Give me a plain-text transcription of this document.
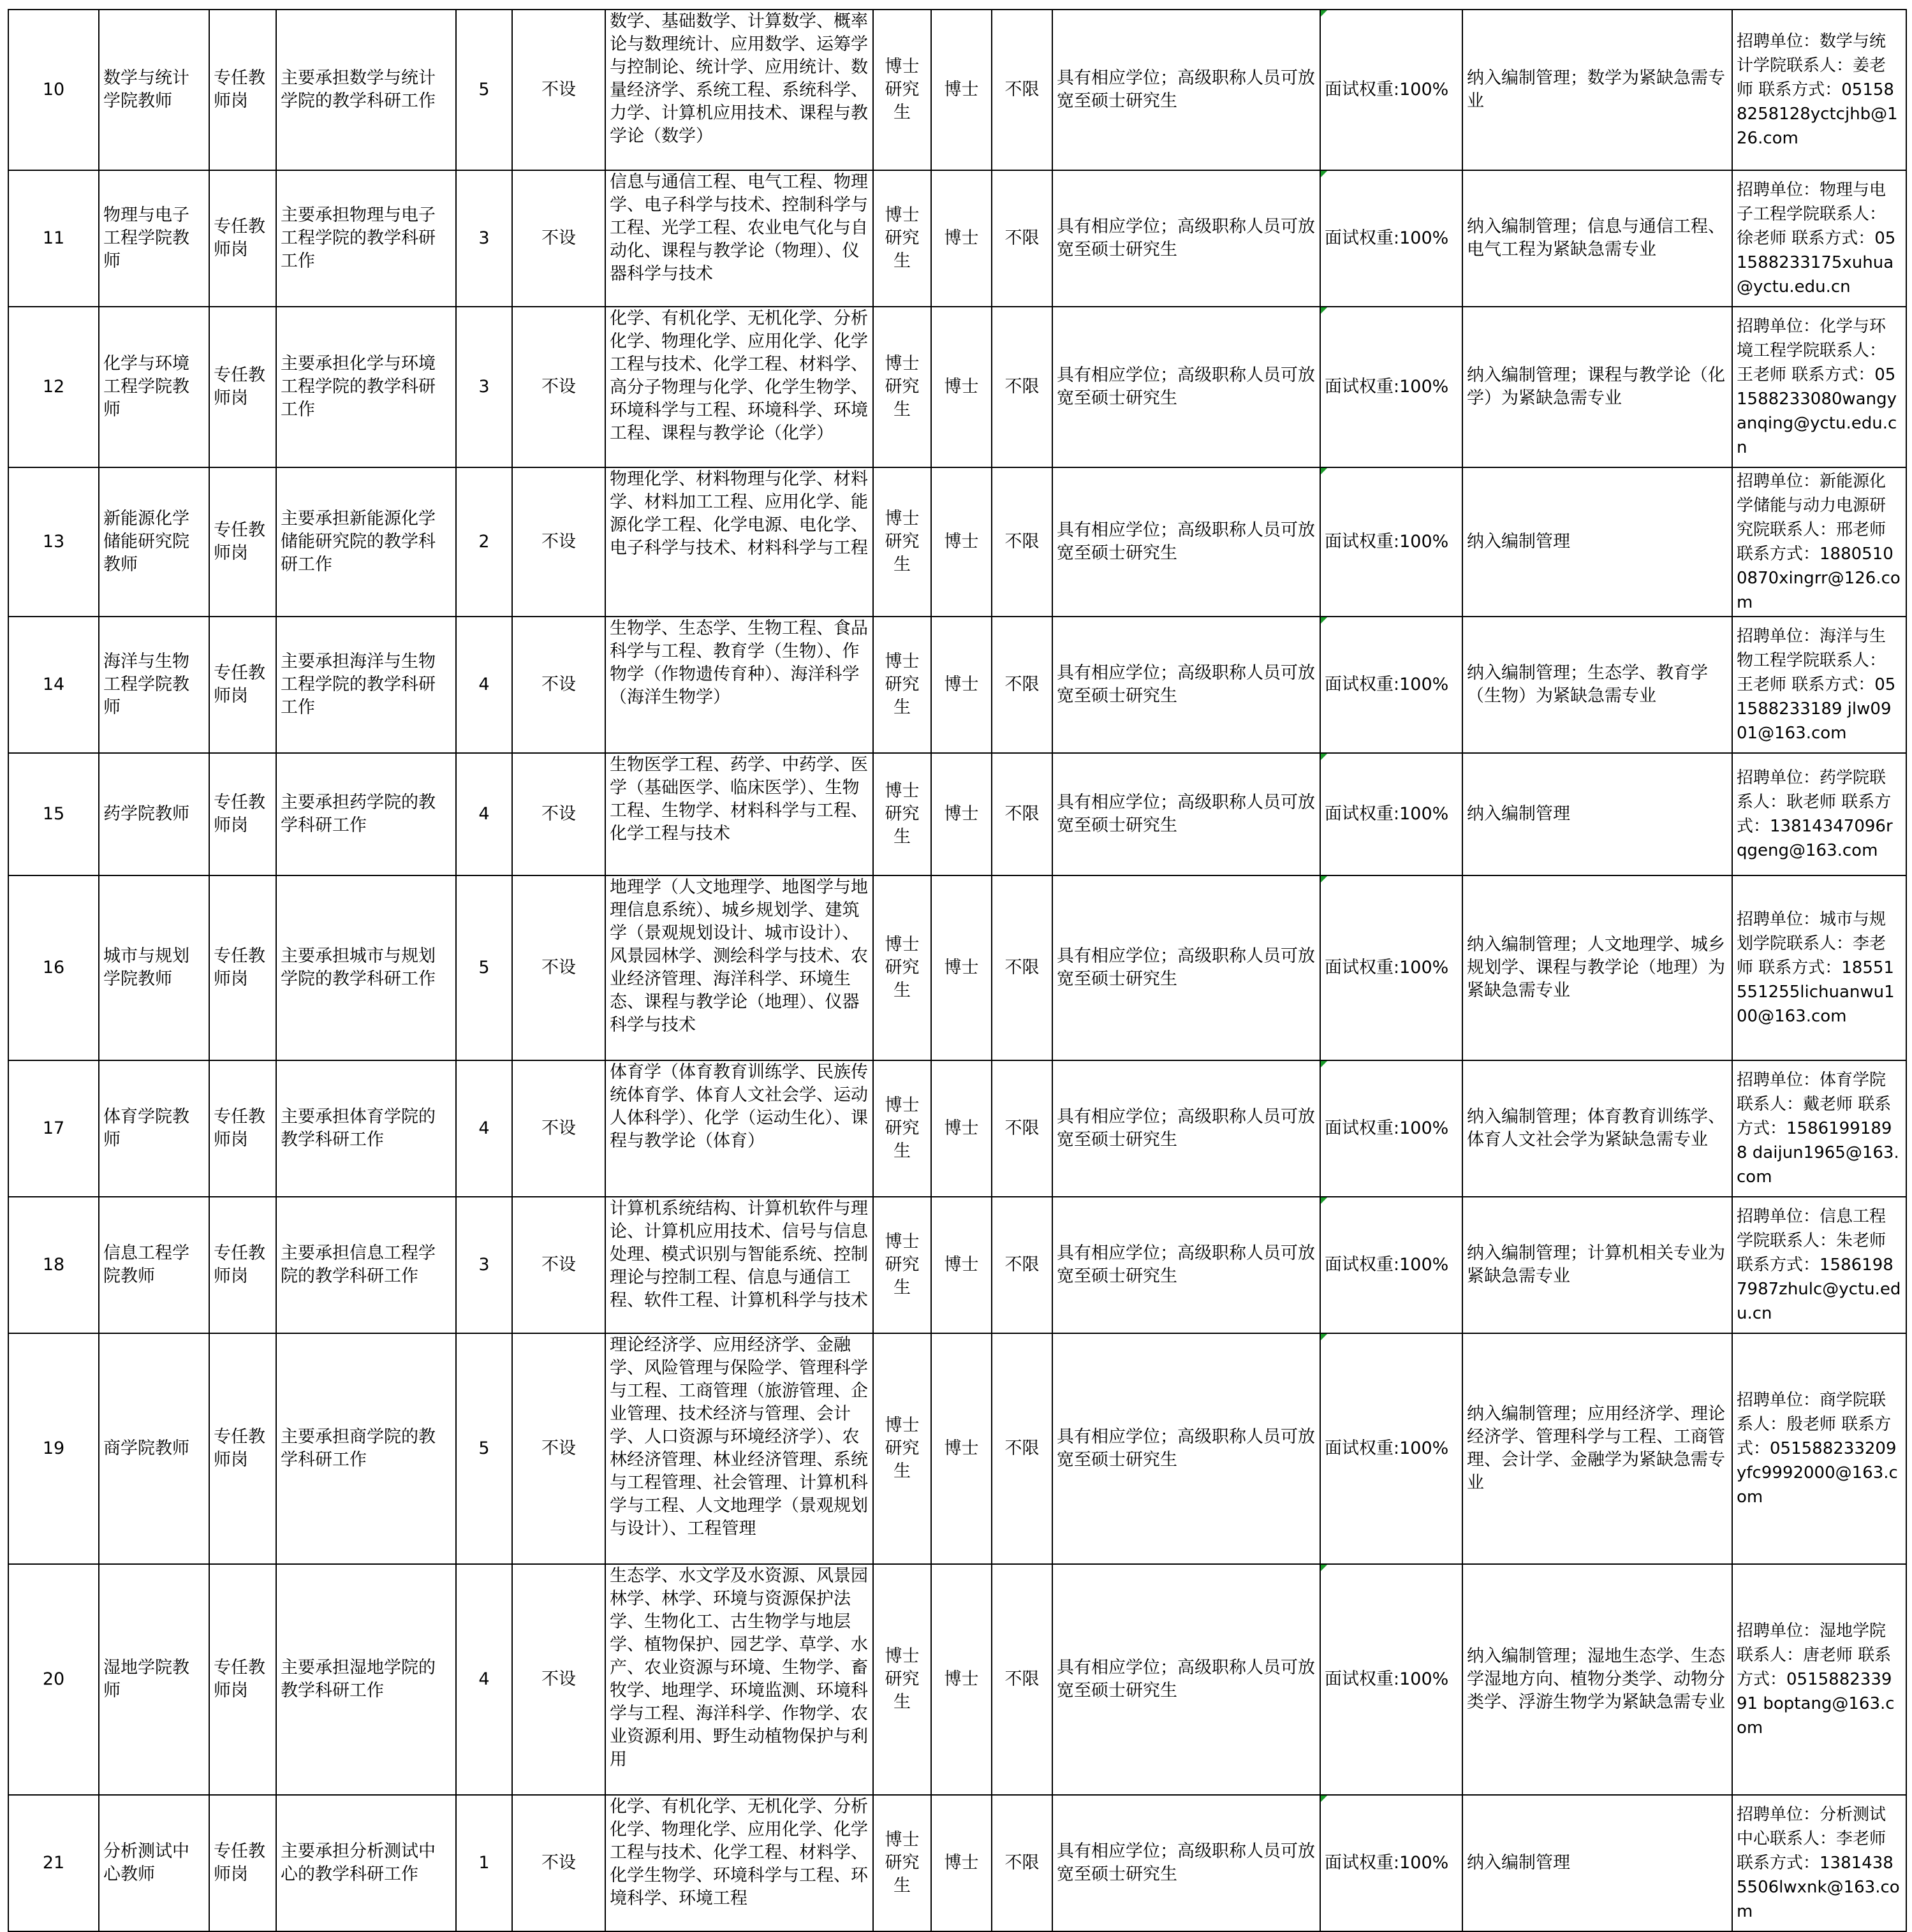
10	数学与统计学院教师	专任教师岗	主要承担数学与统计学院的教学科研工作	5	不设	数学、基础数学、计算数学、概率论与数理统计、应用数学、运筹学与控制论、统计学、应用统计、数量经济学、系统工程、系统科学、力学、计算机应用技术、课程与教学论（数学）	博士研究生	博士	不限	具有相应学位；高级职称人员可放宽至硕士研究生	面试权重:100%	纳入编制管理；数学为紧缺急需专业	招聘单位：数学与统计学院联系人：姜老师 联系方式：051588258128yctcjhb@126.com
11	物理与电子工程学院教师	专任教师岗	主要承担物理与电子工程学院的教学科研工作	3	不设	信息与通信工程、电气工程、物理学、电子科学与技术、控制科学与工程、光学工程、农业电气化与自动化、课程与教学论（物理）、仪器科学与技术	博士研究生	博士	不限	具有相应学位；高级职称人员可放宽至硕士研究生	面试权重:100%	纳入编制管理；信息与通信工程、电气工程为紧缺急需专业	招聘单位：物理与电子工程学院联系人：徐老师 联系方式：051588233175xuhua@yctu.edu.cn
12	化学与环境工程学院教师	专任教师岗	主要承担化学与环境工程学院的教学科研工作	3	不设	化学、有机化学、无机化学、分析化学、物理化学、应用化学、化学工程与技术、化学工程、材料学、高分子物理与化学、化学生物学、环境科学与工程、环境科学、环境工程、课程与教学论（化学）	博士研究生	博士	不限	具有相应学位；高级职称人员可放宽至硕士研究生	面试权重:100%	纳入编制管理；课程与教学论（化学）为紧缺急需专业	招聘单位：化学与环境工程学院联系人：王老师 联系方式：051588233080wangyanqing@yctu.edu.cn
13	新能源化学储能研究院教师	专任教师岗	主要承担新能源化学储能研究院的教学科研工作	2	不设	物理化学、材料物理与化学、材料学、材料加工工程、应用化学、能源化学工程、化学电源、电化学、电子科学与技术、材料科学与工程	博士研究生	博士	不限	具有相应学位；高级职称人员可放宽至硕士研究生	面试权重:100%	纳入编制管理	招聘单位：新能源化学储能与动力电源研究院联系人：邢老师 联系方式：18805100870xingrr@126.com
14	海洋与生物工程学院教师	专任教师岗	主要承担海洋与生物工程学院的教学科研工作	4	不设	生物学、生态学、生物工程、食品科学与工程、教育学（生物）、作物学（作物遗传育种）、海洋科学（海洋生物学）	博士研究生	博士	不限	具有相应学位；高级职称人员可放宽至硕士研究生	面试权重:100%	纳入编制管理；生态学、教育学（生物）为紧缺急需专业	招聘单位：海洋与生物工程学院联系人：王老师 联系方式：051588233189 jlw0901@163.com
15	药学院教师	专任教师岗	主要承担药学院的教学科研工作	4	不设	生物医学工程、药学、中药学、医学（基础医学、临床医学）、生物工程、生物学、材料科学与工程、化学工程与技术	博士研究生	博士	不限	具有相应学位；高级职称人员可放宽至硕士研究生	面试权重:100%	纳入编制管理	招聘单位：药学院联系人：耿老师 联系方式：13814347096rqgeng@163.com
16	城市与规划学院教师	专任教师岗	主要承担城市与规划学院的教学科研工作	5	不设	地理学（人文地理学、地图学与地理信息系统）、城乡规划学、建筑学（景观规划设计、城市设计）、风景园林学、测绘科学与技术、农业经济管理、海洋科学、环境生态、课程与教学论（地理）、仪器科学与技术	博士研究生	博士	不限	具有相应学位；高级职称人员可放宽至硕士研究生	面试权重:100%	纳入编制管理；人文地理学、城乡规划学、课程与教学论（地理）为紧缺急需专业	招聘单位：城市与规划学院联系人：李老师 联系方式：18551551255lichuanwu100@163.com
17	体育学院教师	专任教师岗	主要承担体育学院的教学科研工作	4	不设	体育学（体育教育训练学、民族传统体育学、体育人文社会学、运动人体科学）、化学（运动生化）、课程与教学论（体育）	博士研究生	博士	不限	具有相应学位；高级职称人员可放宽至硕士研究生	面试权重:100%	纳入编制管理；体育教育训练学、体育人文社会学为紧缺急需专业	招聘单位：体育学院联系人：戴老师 联系方式：15861991898 daijun1965@163.com
18	信息工程学院教师	专任教师岗	主要承担信息工程学院的教学科研工作	3	不设	计算机系统结构、计算机软件与理论、计算机应用技术、信号与信息处理、模式识别与智能系统、控制理论与控制工程、信息与通信工程、软件工程、计算机科学与技术	博士研究生	博士	不限	具有相应学位；高级职称人员可放宽至硕士研究生	面试权重:100%	纳入编制管理；计算机相关专业为紧缺急需专业	招聘单位：信息工程学院联系人：朱老师 联系方式：15861987987zhulc@yctu.edu.cn
19	商学院教师	专任教师岗	主要承担商学院的教学科研工作	5	不设	理论经济学、应用经济学、金融学、风险管理与保险学、管理科学与工程、工商管理（旅游管理、企业管理、技术经济与管理、会计学、人口资源与环境经济学）、农林经济管理、林业经济管理、系统与工程管理、社会管理、计算机科学与工程、人文地理学（景观规划与设计）、工程管理	博士研究生	博士	不限	具有相应学位；高级职称人员可放宽至硕士研究生	面试权重:100%	纳入编制管理；应用经济学、理论经济学、管理科学与工程、工商管理、会计学、金融学为紧缺急需专业	招聘单位：商学院联系人：殷老师 联系方式：051588233209yfc9992000@163.com
20	湿地学院教师	专任教师岗	主要承担湿地学院的教学科研工作	4	不设	生态学、水文学及水资源、风景园林学、林学、环境与资源保护法学、生物化工、古生物学与地层学、植物保护、园艺学、草学、水产、农业资源与环境、生物学、畜牧学、地理学、环境监测、环境科学与工程、海洋科学、作物学、农业资源利用、野生动植物保护与利用	博士研究生	博士	不限	具有相应学位；高级职称人员可放宽至硕士研究生	面试权重:100%	纳入编制管理；湿地生态学、生态学湿地方向、植物分类学、动物分类学、浮游生物学为紧缺急需专业	招聘单位：湿地学院联系人：唐老师 联系方式：051588233991 boptang@163.com
21	分析测试中心教师	专任教师岗	主要承担分析测试中心的教学科研工作	1	不设	化学、有机化学、无机化学、分析化学、物理化学、应用化学、化学工程与技术、化学工程、材料学、化学生物学、环境科学与工程、环境科学、环境工程	博士研究生	博士	不限	具有相应学位；高级职称人员可放宽至硕士研究生	面试权重:100%	纳入编制管理	招聘单位：分析测试中心联系人：李老师 联系方式：13814385506lwxnk@163.com
